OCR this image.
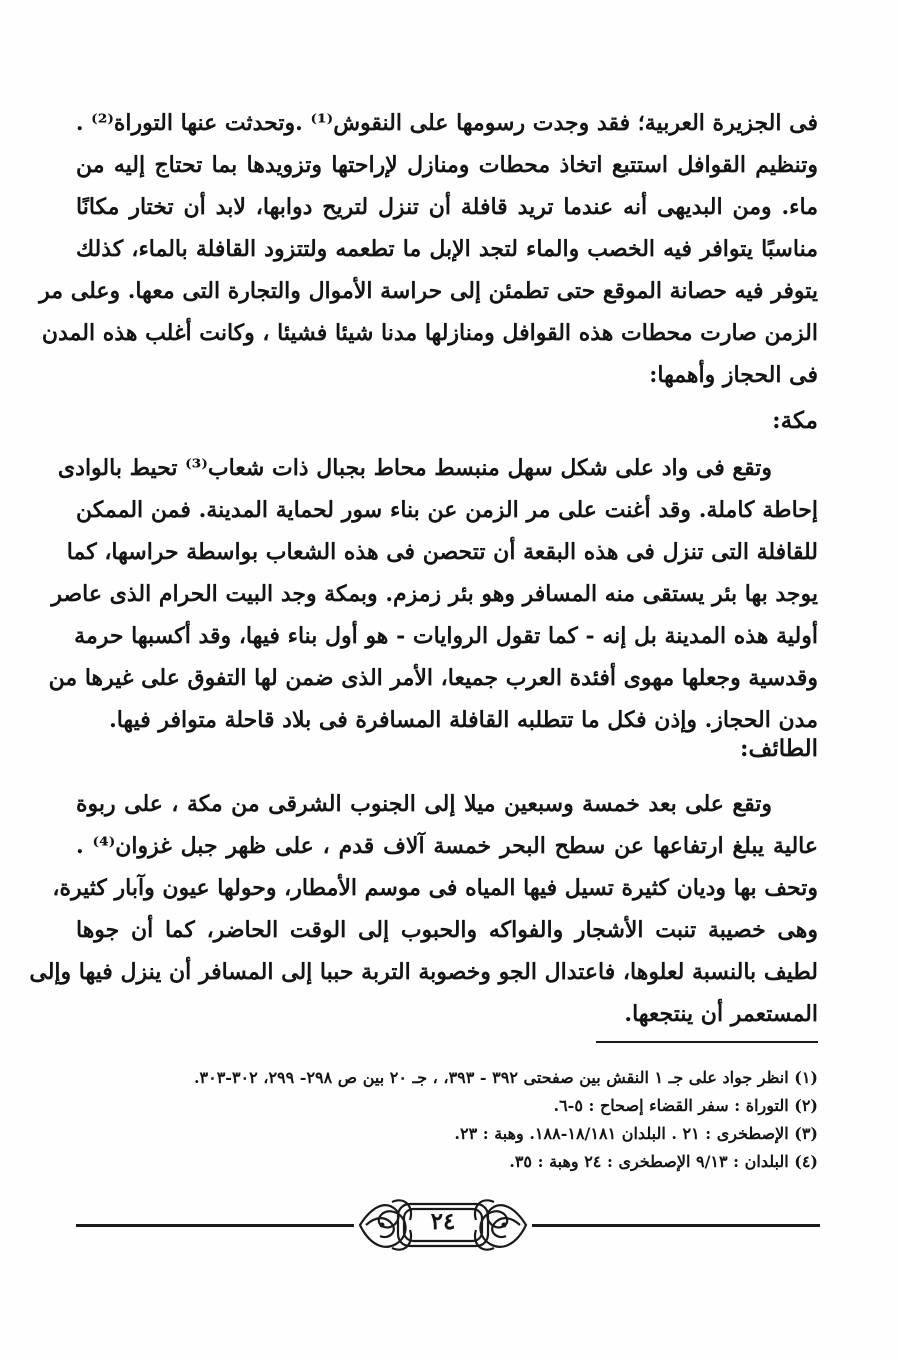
فى الجزيرة العربية؛ فقد وجدت رسومها على النقوش⁽¹⁾ .وتحدثت عنها التوراة⁽²⁾ .
وتنظيم القوافل استتبع اتخاذ محطات ومنازل لإراحتها وتزويدها بما تحتاج إليه من
ماء. ومن البديهى أنه عندما تريد قافلة أن تنزل لتريح دوابها، لابد أن تختار مكانًا
مناسبًا يتوافر فيه الخصب والماء لتجد الإبل ما تطعمه ولتتزود القافلة بالماء، كذلك
يتوفر فيه حصانة الموقع حتى تطمئن إلى حراسة الأموال والتجارة التى معها. وعلى مر
الزمن صارت محطات هذه القوافل ومنازلها مدنا شيئا فشيئا ، وكانت أغلب هذه المدن
فى الحجاز وأهمها:
مكة:
وتقع فى واد على شكل سهل منبسط محاط بجبال ذات شعاب⁽³⁾ تحيط بالوادى
إحاطة كاملة. وقد أغنت على مر الزمن عن بناء سور لحماية المدينة. فمن الممكن
للقافلة التى تنزل فى هذه البقعة أن تتحصن فى هذه الشعاب بواسطة حراسها، كما
يوجد بها بئر يستقى منه المسافر وهو بئر زمزم. وبمكة وجد البيت الحرام الذى عاصر
أولية هذه المدينة بل إنه - كما تقول الروايات - هو أول بناء فيها، وقد أكسبها حرمة
وقدسية وجعلها مهوى أفئدة العرب جميعا، الأمر الذى ضمن لها التفوق على غيرها من
مدن الحجاز. وإذن فكل ما تتطلبه القافلة المسافرة فى بلاد قاحلة متوافر فيها.
الطائف:
وتقع على بعد خمسة وسبعين ميلا إلى الجنوب الشرقى من مكة ، على ربوة
عالية يبلغ ارتفاعها عن سطح البحر خمسة آلاف قدم ، على ظهر جبل غزوان⁽⁴⁾ .
وتحف بها وديان كثيرة تسيل فيها المياه فى موسم الأمطار، وحولها عيون وآبار كثيرة،
وهى خصيبة تنبت الأشجار والفواكه والحبوب إلى الوقت الحاضر، كما أن جوها
لطيف بالنسبة لعلوها، فاعتدال الجو وخصوبة التربة حببا إلى المسافر أن ينزل فيها وإلى
المستعمر أن ينتجعها.
(١) انظر جواد على جـ ١ النقش بين صفحتى ٣٩٢ - ٣٩٣، ، جـ ٢٠ بين ص ٢٩٨- ٢٩٩، ٣٠٢-٣٠٣.
(٢) التوراة : سفر القضاء إصحاح : ٥-٦.
(٣) الإصطخرى : ٢١ . البلدان ١٨/١٨١-١٨٨. وهبة : ٢٣.
(٤) البلدان : ٩/١٣ الإصطخرى : ٢٤ وهبة : ٣٥.
٢٤
